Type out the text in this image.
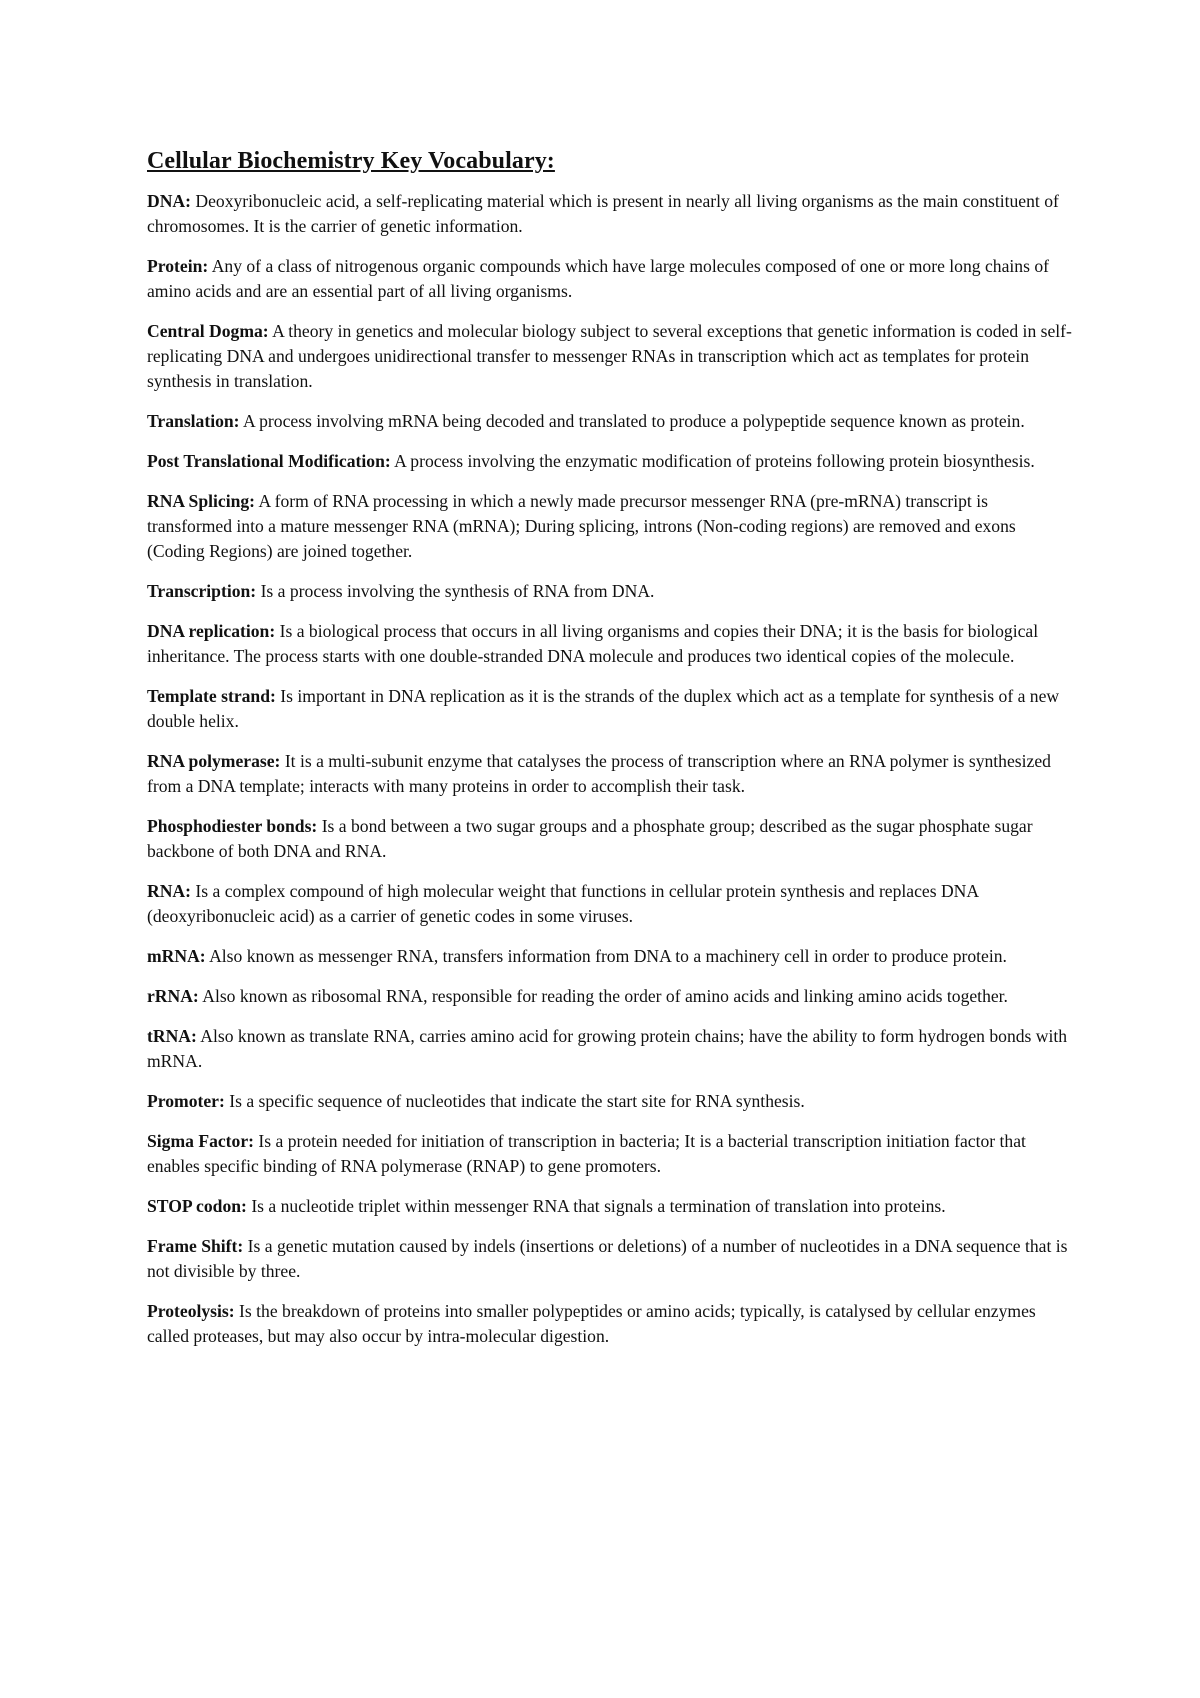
Cellular Biochemistry Key Vocabulary:

DNA: Deoxyribonucleic acid, a self-replicating material which is present in nearly all living organisms as the main constituent of chromosomes. It is the carrier of genetic information.

Protein: Any of a class of nitrogenous organic compounds which have large molecules composed of one or more long chains of amino acids and are an essential part of all living organisms.

Central Dogma: A theory in genetics and molecular biology subject to several exceptions that genetic information is coded in self-replicating DNA and undergoes unidirectional transfer to messenger RNAs in transcription which act as templates for protein synthesis in translation.

Translation: A process involving mRNA being decoded and translated to produce a polypeptide sequence known as protein.

Post Translational Modification: A process involving the enzymatic modification of proteins following protein biosynthesis.

RNA Splicing: A form of RNA processing in which a newly made precursor messenger RNA (pre-mRNA) transcript is transformed into a mature messenger RNA (mRNA); During splicing, introns (Non-coding regions) are removed and exons (Coding Regions) are joined together.

Transcription: Is a process involving the synthesis of RNA from DNA.

DNA replication: Is a biological process that occurs in all living organisms and copies their DNA; it is the basis for biological inheritance. The process starts with one double-stranded DNA molecule and produces two identical copies of the molecule.

Template strand: Is important in DNA replication as it is the strands of the duplex which act as a template for synthesis of a new double helix.

RNA polymerase: It is a multi-subunit enzyme that catalyses the process of transcription where an RNA polymer is synthesized from a DNA template; interacts with many proteins in order to accomplish their task.

Phosphodiester bonds: Is a bond between a two sugar groups and a phosphate group; described as the sugar phosphate sugar backbone of both DNA and RNA.

RNA: Is a complex compound of high molecular weight that functions in cellular protein synthesis and replaces DNA (deoxyribonucleic acid) as a carrier of genetic codes in some viruses.

mRNA: Also known as messenger RNA, transfers information from DNA to a machinery cell in order to produce protein.

rRNA: Also known as ribosomal RNA, responsible for reading the order of amino acids and linking amino acids together.

tRNA: Also known as translate RNA, carries amino acid for growing protein chains; have the ability to form hydrogen bonds with mRNA.

Promoter: Is a specific sequence of nucleotides that indicate the start site for RNA synthesis.

Sigma Factor: Is a protein needed for initiation of transcription in bacteria; It is a bacterial transcription initiation factor that enables specific binding of RNA polymerase (RNAP) to gene promoters.

STOP codon: Is a nucleotide triplet within messenger RNA that signals a termination of translation into proteins.

Frame Shift: Is a genetic mutation caused by indels (insertions or deletions) of a number of nucleotides in a DNA sequence that is not divisible by three.

Proteolysis: Is the breakdown of proteins into smaller polypeptides or amino acids; typically, is catalysed by cellular enzymes called proteases, but may also occur by intra-molecular digestion.
